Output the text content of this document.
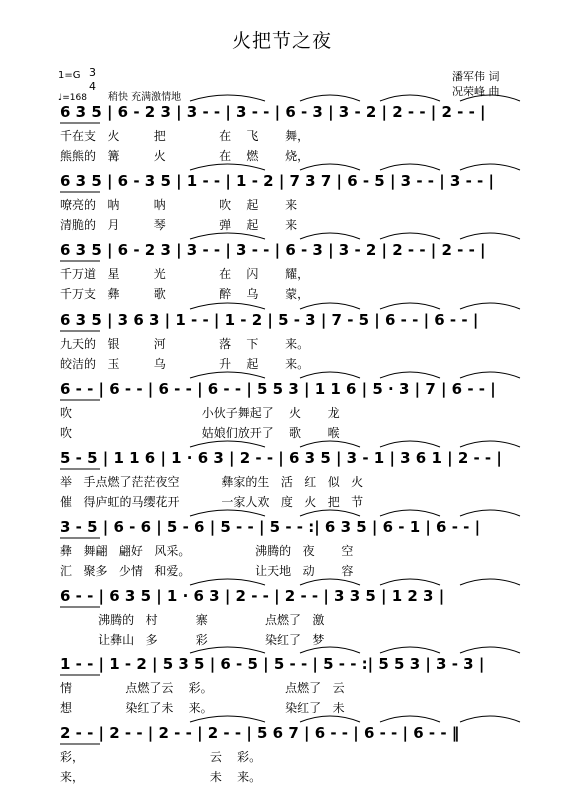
火把节之夜
1=G 3
4
♩=168 稍快 充满激情地
潘军伟 词
况荣峰 曲
6 3 5 | 6 - 2 3 | 3 - - | 3 - - | 6 - 3 | 3 - 2 | 2 - - | 2 - - |
千在支   火         把              在    飞       舞，
熊熊的   篝         火              在    燃       烧，
6 3 5 | 6 - 3 5 | 1 - - | 1 - 2 | 7 3 7 | 6 - 5 | 3 - - | 3 - - |
嘹亮的   呐         呐              吹    起       来
清脆的   月         琴              弹    起       来
6 3 5 | 6 - 2 3 | 3 - - | 3 - - | 6 - 3 | 3 - 2 | 2 - - | 2 - - |
千万道   星         光              在    闪       耀，
千万支   彝         歌              醉    乌       蒙，
6 3 5 | 3 6 3 | 1 - - | 1 - 2 | 5 - 3 | 7 - 5 | 6 - - | 6 - - |
九天的   银         河              落    下       来。
皎洁的   玉         乌              升    起       来。
6 - - | 6 - - | 6 - - | 6 - - | 5 5 3 | 1 1 6 | 5 · 3 | 7 | 6 - - |
吹                                  小伙子舞起了    火       龙
吹                                  姑娘们放开了    歌       喉
5 - 5 | 1 1 6 | 1 · 6 3 | 2 - - | 6 3 5 | 3 - 1 | 3 6 1 | 2 - - |
举   手点燃了茫茫夜空           彝家的生   活   红   似   火
催   得庐虹的马缨花开           一家人欢   度   火   把   节
3 - 5 | 6 - 6 | 5 - 6 | 5 - - | 5 - - :| 6 3 5 | 6 - 1 | 6 - - |
彝   舞翩   翩好   风采。                 沸腾的   夜       空
汇   聚多   少情   和爱。                 让天地   动       容
6 - - | 6 3 5 | 1 · 6 3 | 2 - - | 2 - - | 3 3 5 | 1 2 3 |
沸腾的   村          寨               点燃了   激
让彝山   多          彩               染红了   梦
1 - - | 1 - 2 | 5 3 5 | 6 - 5 | 5 - - | 5 - - :| 5 5 3 | 3 - 3 |
情              点燃了云    彩。                   点燃了   云
想              染红了未    来。                   染红了   未
2 - - | 2 - - | 2 - - | 2 - - | 5 6 7 | 6 - - | 6 - - | 6 - - ‖
彩，                                 云    彩。
来，                                 未    来。
